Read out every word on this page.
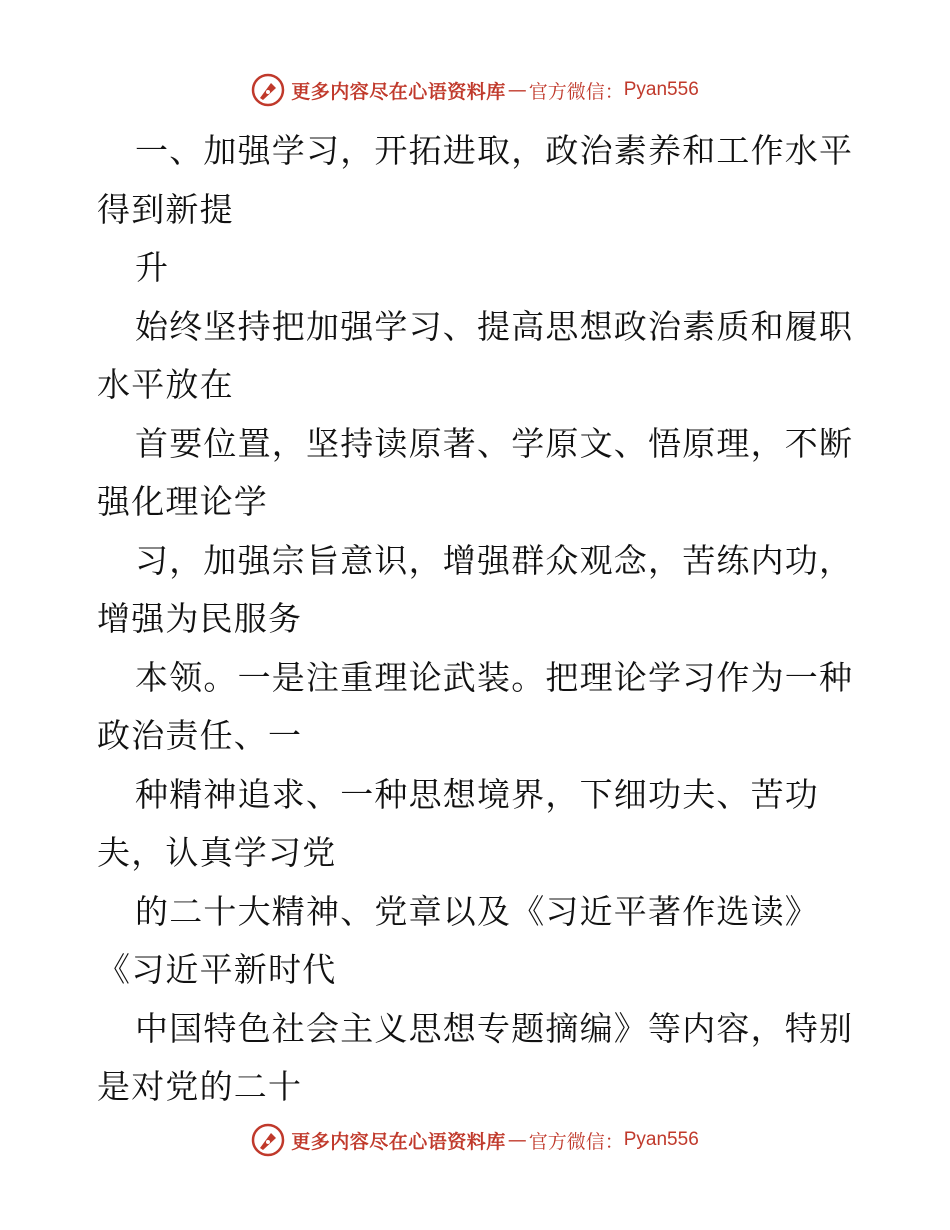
更多内容尽在心语资料库 — 官方微信： Pyan556
一、加强学习，开拓进取，政治素养和工作水平
得到新提
升
始终坚持把加强学习、提高思想政治素质和履职
水平放在
首要位置，坚持读原著、学原文、悟原理，不断
强化理论学
习，加强宗旨意识，增强群众观念，苦练内功，
增强为民服务
本领。一是注重理论武装。把理论学习作为一种
政治责任、一
种精神追求、一种思想境界，下细功夫、苦功
夫，认真学习党
的二十大精神、党章以及《习近平著作选读》
《习近平新时代
中国特色社会主义思想专题摘编》等内容，特别
是对党的二十
更多内容尽在心语资料库 — 官方微信： Pyan556
